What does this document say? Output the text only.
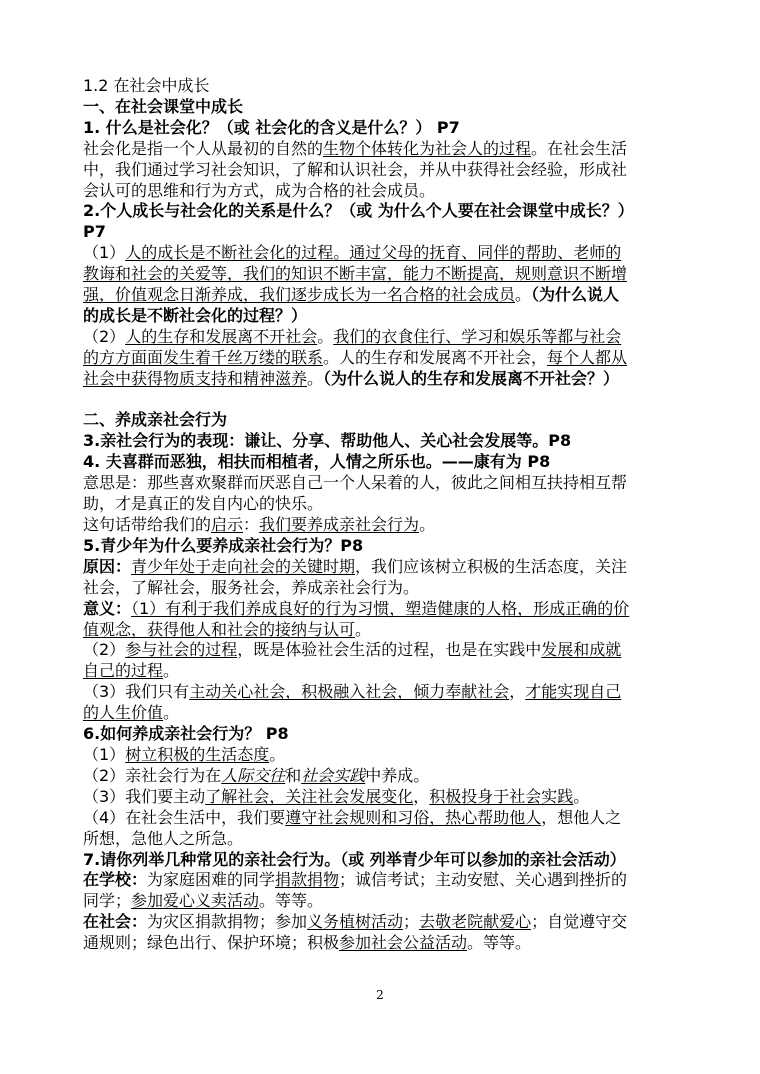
1.2 在社会中成长
一、在社会课堂中成长
1. 什么是社会化？（或 社会化的含义是什么？） P7
社会化是指一个人从最初的自然的生物个体转化为社会人的过程。在社会生活
中，我们通过学习社会知识，了解和认识社会，并从中获得社会经验，形成社
会认可的思维和行为方式，成为合格的社会成员。
2.个人成长与社会化的关系是什么？（或 为什么个人要在社会课堂中成长？）
P7
（1）人的成长是不断社会化的过程。通过父母的抚育、同伴的帮助、老师的
教诲和社会的关爱等，我们的知识不断丰富，能力不断提高，规则意识不断增
强，价值观念日渐养成，我们逐步成长为一名合格的社会成员。（为什么说人
的成长是不断社会化的过程？）
（2）人的生存和发展离不开社会。我们的衣食住行、学习和娱乐等都与社会
的方方面面发生着千丝万缕的联系。人的生存和发展离不开社会，每个人都从
社会中获得物质支持和精神滋养。（为什么说人的生存和发展离不开社会？）
二、养成亲社会行为
3.亲社会行为的表现：谦让、分享、帮助他人、关心社会发展等。P8
4. 夫喜群而恶独，相扶而相植者，人情之所乐也。——康有为 P8
意思是：那些喜欢聚群而厌恶自己一个人呆着的人，彼此之间相互扶持相互帮
助，才是真正的发自内心的快乐。
这句话带给我们的启示：我们要养成亲社会行为。
5.青少年为什么要养成亲社会行为？P8
原因：青少年处于走向社会的关键时期，我们应该树立积极的生活态度，关注
社会，了解社会，服务社会，养成亲社会行为。
意义：（1）有利于我们养成良好的行为习惯，塑造健康的人格，形成正确的价
值观念，获得他人和社会的接纳与认可。
（2）参与社会的过程，既是体验社会生活的过程，也是在实践中发展和成就
自己的过程。
（3）我们只有主动关心社会，积极融入社会，倾力奉献社会，才能实现自己
的人生价值。
6.如何养成亲社会行为？ P8
（1）树立积极的生活态度。
（2）亲社会行为在人际交往和社会实践中养成。
（3）我们要主动了解社会，关注社会发展变化，积极投身于社会实践。
（4）在社会生活中，我们要遵守社会规则和习俗，热心帮助他人，想他人之
所想，急他人之所急。
7.请你列举几种常见的亲社会行为。（或 列举青少年可以参加的亲社会活动）
在学校：为家庭困难的同学捐款捐物；诚信考试；主动安慰、关心遇到挫折的
同学；参加爱心义卖活动。等等。
在社会：为灾区捐款捐物；参加义务植树活动；去敬老院献爱心；自觉遵守交
通规则；绿色出行、保护环境；积极参加社会公益活动。等等。
2
